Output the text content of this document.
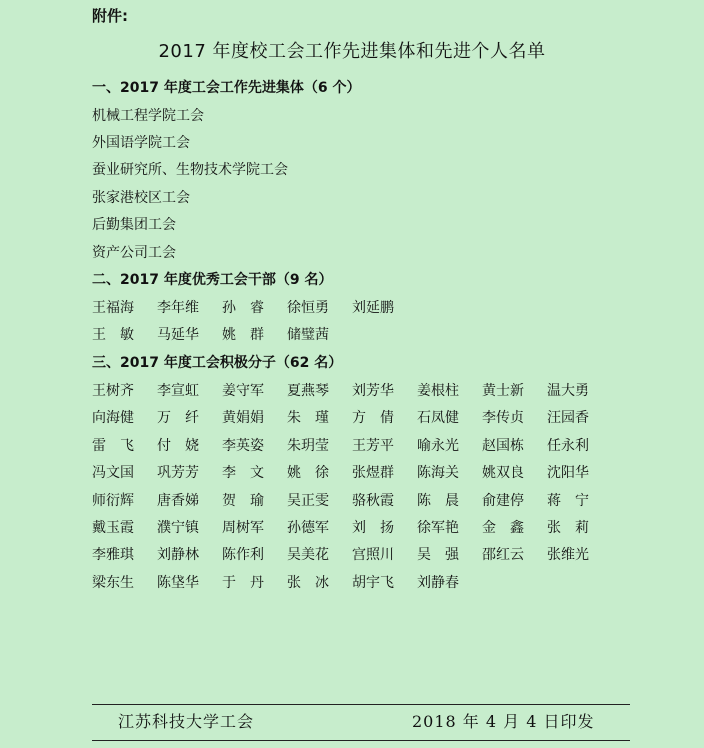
附件:
2017 年度校工会工作先进集体和先进个人名单
一、2017 年度工会工作先进集体（6 个）
机械工程学院工会
外国语学院工会
蚕业研究所、生物技术学院工会
张家港校区工会
后勤集团工会
资产公司工会
二、2017 年度优秀工会干部（9 名）
王福海	李年维	孙　睿	徐恒勇	刘延鹏
王　敏	马延华	姚　群	储璧茜
三、2017 年度工会积极分子（62 名）
王树齐	李宣虹	姜守军	夏燕琴	刘芳华	姜根柱	黄士新	温大勇
向海健	万　纤	黄娟娟	朱　瑾	方　倩	石凤健	李传贞	汪园香
雷　飞	付　娆	李英姿	朱玥莹	王芳平	喻永光	赵国栋	任永利
冯文国	巩芳芳	李　文	姚　徐	张煜群	陈海关	姚双良	沈阳华
师衍辉	唐香娣	贺　瑜	吴正雯	骆秋霞	陈　晨	俞建停	蒋　宁
戴玉霞	濮宁镇	周树军	孙德军	刘　扬	徐军艳	金　鑫	张　莉
李雅琪	刘静林	陈作利	吴美花	宫照川	吴　强	邵红云	张维光
梁东生	陈垡华	于　丹	张　冰	胡宇飞	刘静春
江苏科技大学工会	2018 年 4 月 4 日印发
